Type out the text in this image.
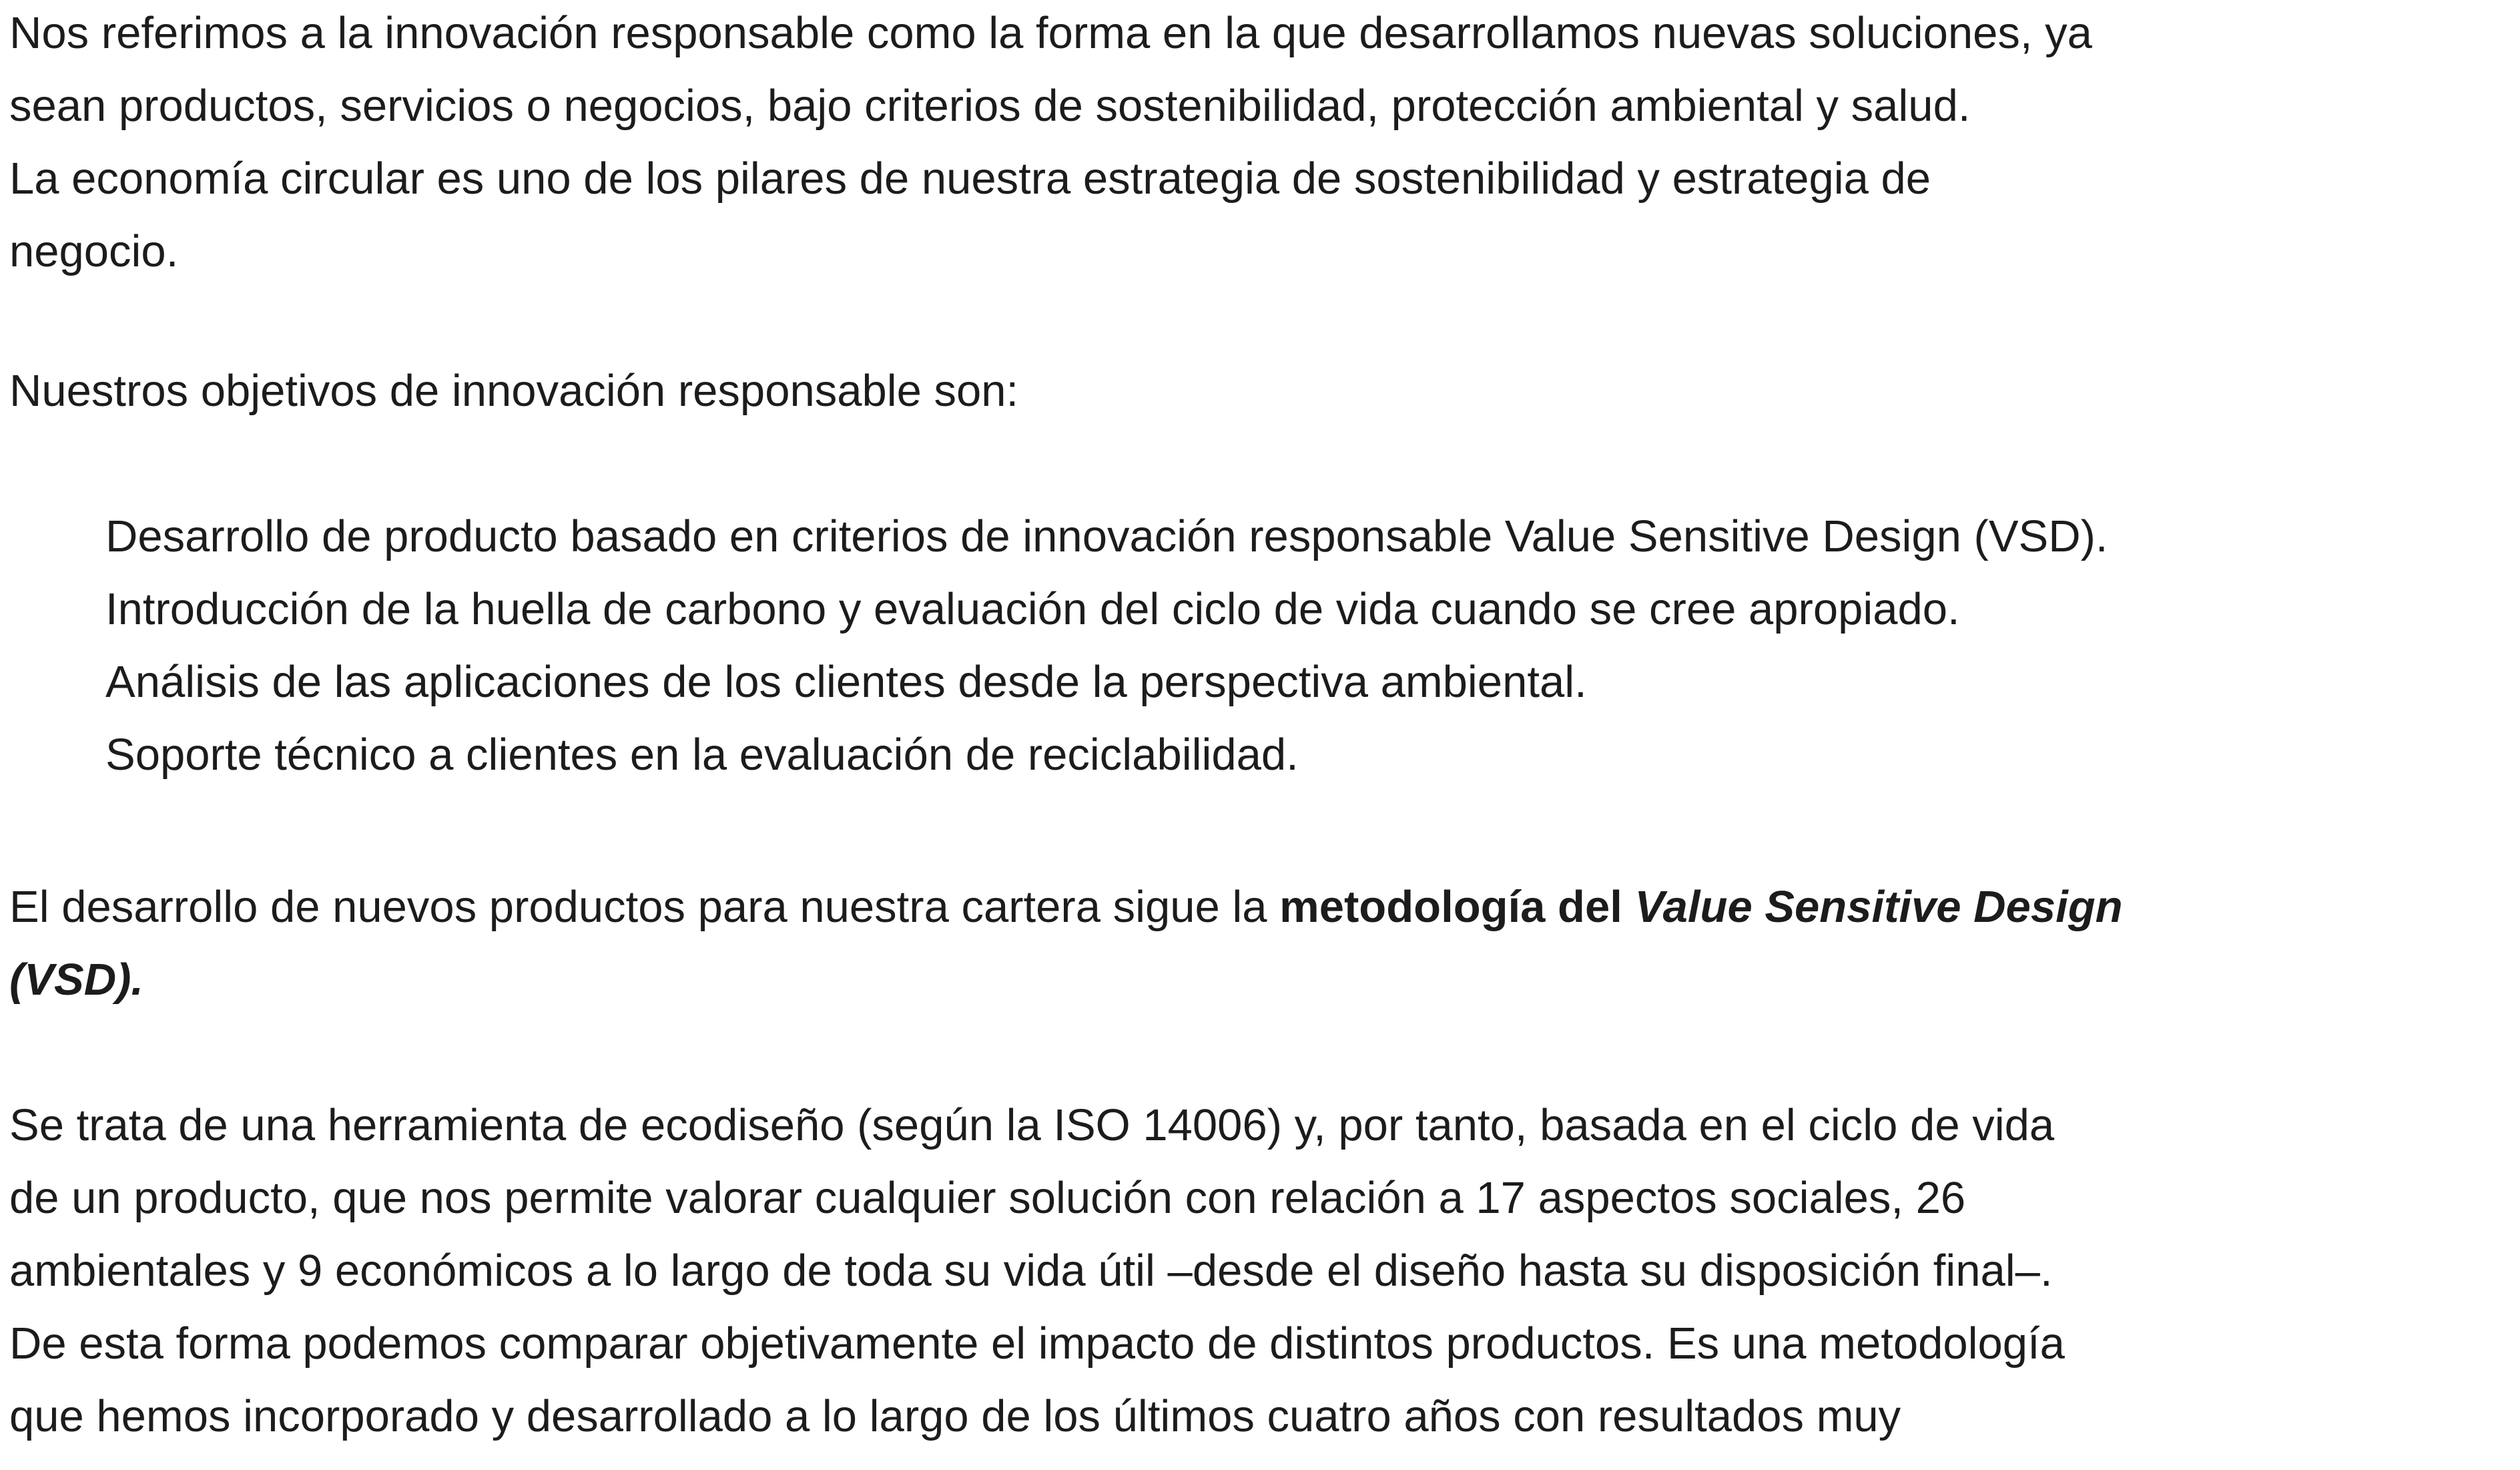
Nos referimos a la innovación responsable como la forma en la que desarrollamos nuevas soluciones, ya
sean productos, servicios o negocios, bajo criterios de sostenibilidad, protección ambiental y salud.
La economía circular es uno de los pilares de nuestra estrategia de sostenibilidad y estrategia de
negocio.
Nuestros objetivos de innovación responsable son:
Desarrollo de producto basado en criterios de innovación responsable Value Sensitive Design (VSD).
Introducción de la huella de carbono y evaluación del ciclo de vida cuando se cree apropiado.
Análisis de las aplicaciones de los clientes desde la perspectiva ambiental.
Soporte técnico a clientes en la evaluación de reciclabilidad.
El desarrollo de nuevos productos para nuestra cartera sigue la metodología del Value Sensitive Design
(VSD).
Se trata de una herramienta de ecodiseño (según la ISO 14006) y, por tanto, basada en el ciclo de vida
de un producto, que nos permite valorar cualquier solución con relación a 17 aspectos sociales, 26
ambientales y 9 económicos a lo largo de toda su vida útil –desde el diseño hasta su disposición final–.
De esta forma podemos comparar objetivamente el impacto de distintos productos. Es una metodología
que hemos incorporado y desarrollado a lo largo de los últimos cuatro años con resultados muy
